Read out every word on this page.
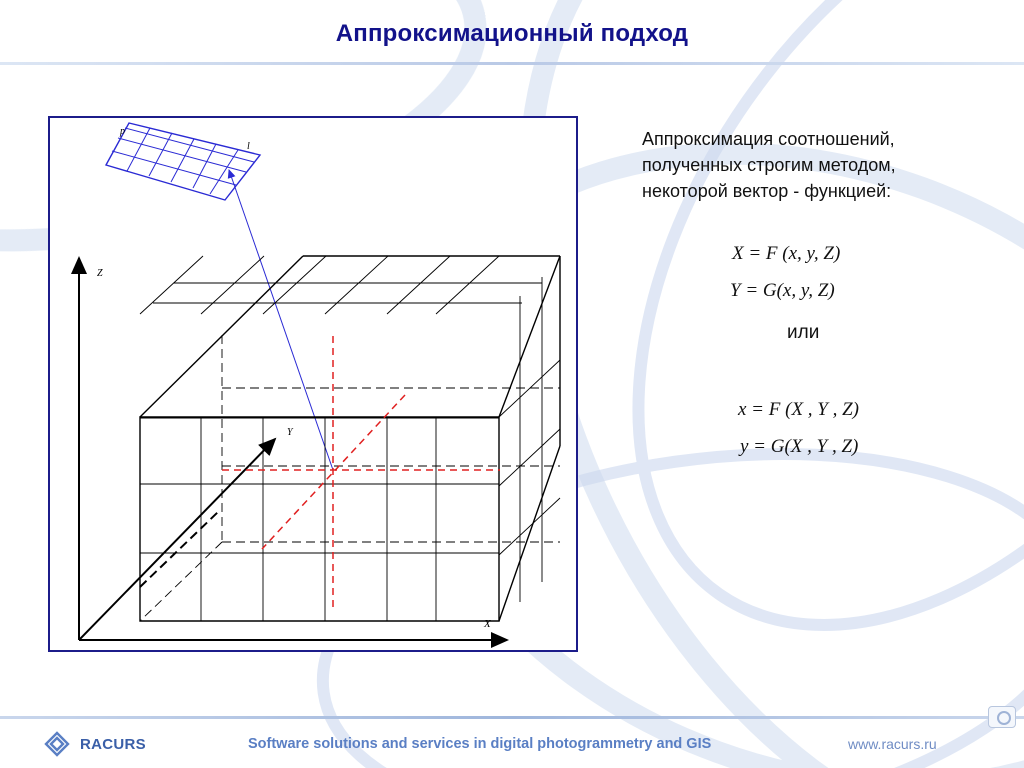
Аппроксимационный подход
p
l
Z
X
Y
Аппроксимация соотношений,
полученных строгим методом,
некоторой вектор - функцией:
X = F (x, y, Z)
Y = G(x, y, Z)
или
x = F (X , Y , Z)
y = G(X , Y , Z)
RACURS	Software solutions and services in digital photogrammetry and GIS	www.racurs.ru
